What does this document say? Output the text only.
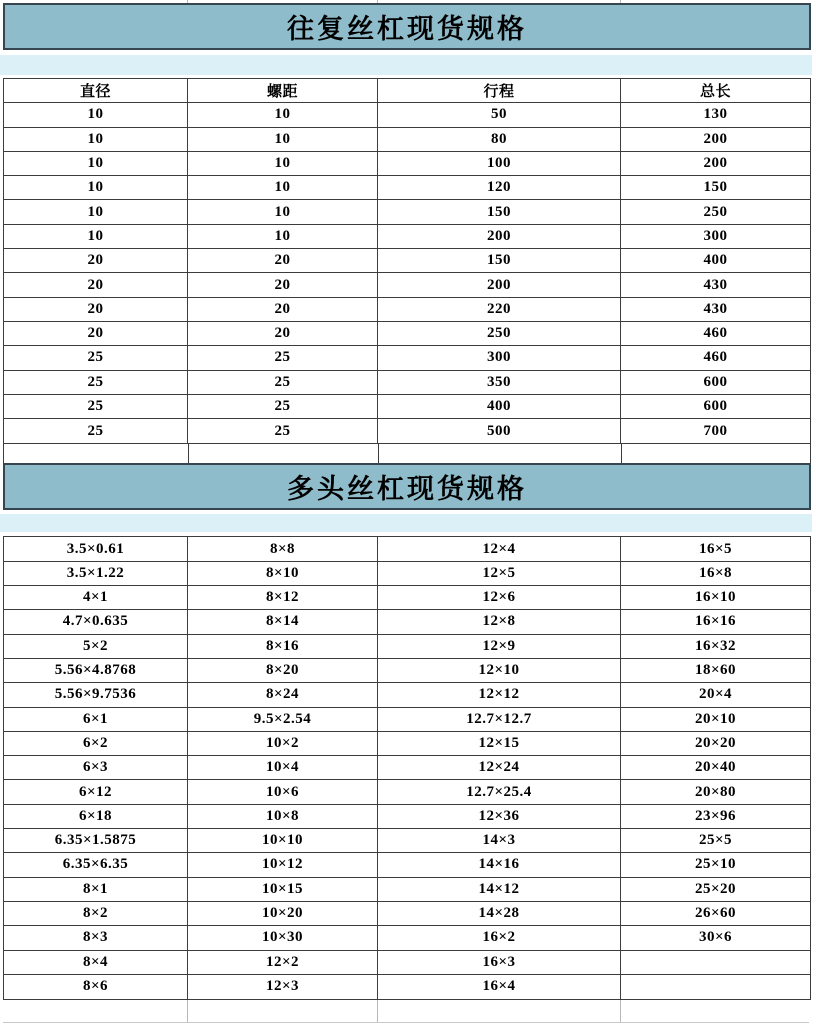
往复丝杠现货规格
直径	螺距	行程	总长
10	10	50	130
10	10	80	200
10	10	100	200
10	10	120	150
10	10	150	250
10	10	200	300
20	20	150	400
20	20	200	430
20	20	220	430
20	20	250	460
25	25	300	460
25	25	350	600
25	25	400	600
25	25	500	700
多头丝杠现货规格
3.5×0.61	8×8	12×4	16×5
3.5×1.22	8×10	12×5	16×8
4×1	8×12	12×6	16×10
4.7×0.635	8×14	12×8	16×16
5×2	8×16	12×9	16×32
5.56×4.8768	8×20	12×10	18×60
5.56×9.7536	8×24	12×12	20×4
6×1	9.5×2.54	12.7×12.7	20×10
6×2	10×2	12×15	20×20
6×3	10×4	12×24	20×40
6×12	10×6	12.7×25.4	20×80
6×18	10×8	12×36	23×96
6.35×1.5875	10×10	14×3	25×5
6.35×6.35	10×12	14×16	25×10
8×1	10×15	14×12	25×20
8×2	10×20	14×28	26×60
8×3	10×30	16×2	30×6
8×4	12×2	16×3
8×6	12×3	16×4
